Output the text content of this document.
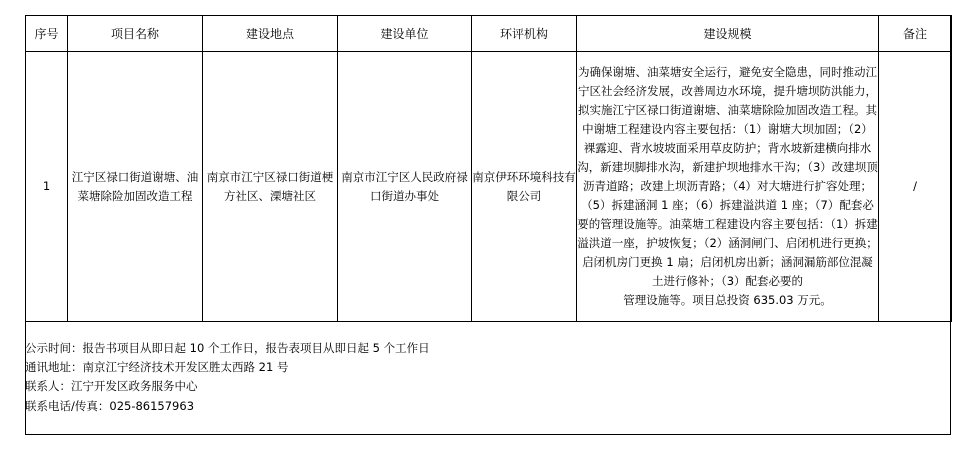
序号	项目名称	建设地点	建设单位	环评机构	建设规模	备注
1	江宁区禄口街道谢塘、油菜塘除险加固改造工程	南京市江宁区禄口街道梗方社区、溧塘社区	南京市江宁区人民政府禄口街道办事处	南京伊环环境科技有限公司	为确保谢塘、油菜塘安全运行，避免安全隐患，同时推动江宁区社会经济发展，改善周边水环境，提升塘坝防洪能力，拟实施江宁区禄口街道谢塘、油菜塘除险加固改造工程。其中谢塘工程建设内容主要包括：（1）谢塘大坝加固；（2）裸露迎、背水坡坡面采用草皮防护；背水坡新建横向排水沟，新建坝脚排水沟，新建护坝地排水干沟；（3）改建坝顶沥青道路；改建上坝沥青路；（4）对大塘进行扩容处理；（5）拆建涵洞 1 座；（6）拆建溢洪道 1 座；（7）配套必要的管理设施等。油菜塘工程建设内容主要包括：（1）拆建溢洪道一座，护坡恢复；（2）涵洞闸门、启闭机进行更换；启闭机房门更换 1 扇；启闭机房出新；涵洞漏筋部位混凝土进行修补；（3）配套必要的
管理设施等。项目总投资 635.03 万元。	/
公示时间：报告书项目从即日起 10 个工作日，报告表项目从即日起 5 个工作日
通讯地址：南京江宁经济技术开发区胜太西路 21 号
联系人：江宁开发区政务服务中心
联系电话/传真：025-86157963
